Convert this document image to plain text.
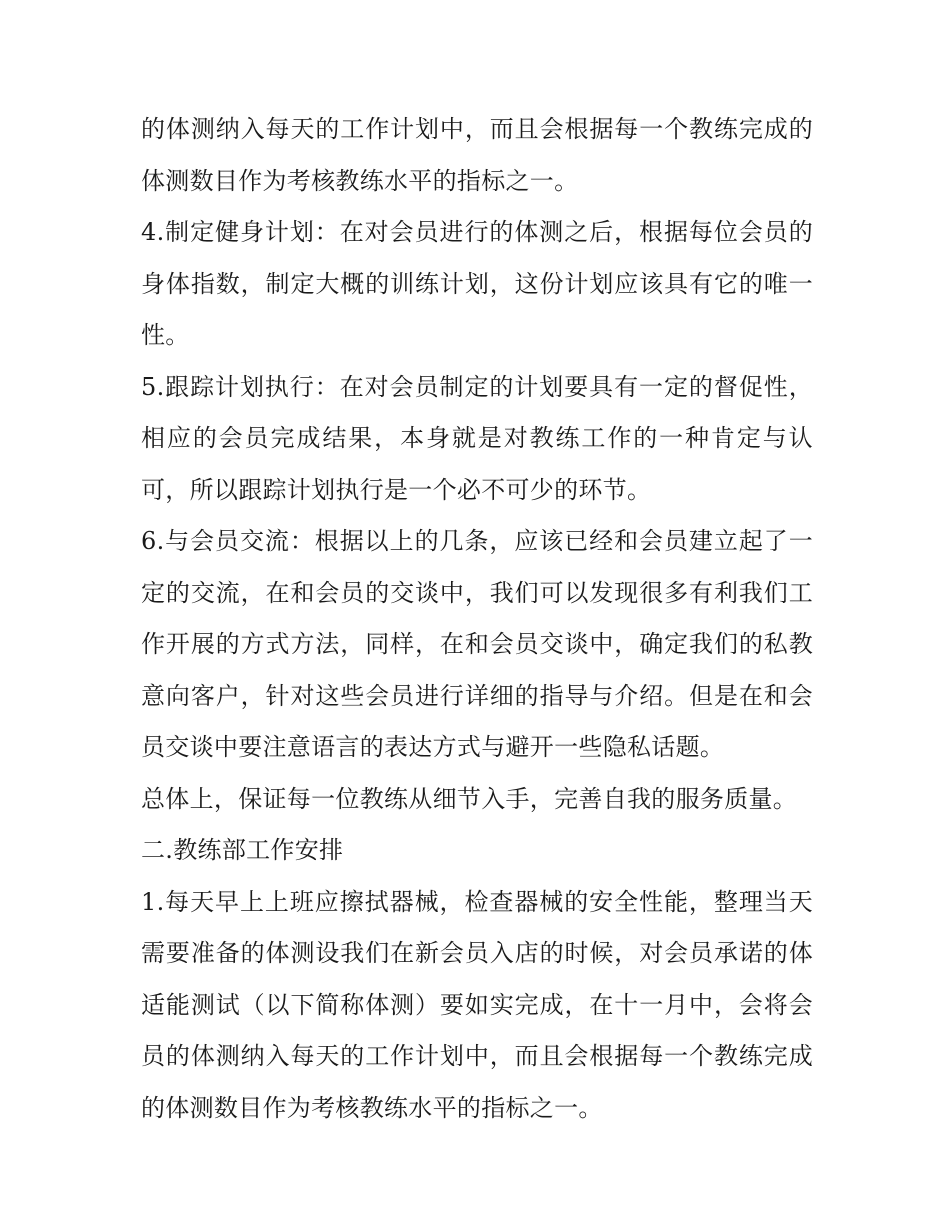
的体测纳入每天的工作计划中，而且会根据每一个教练完成的体测数目作为考核教练水平的指标之一。

4.制定健身计划：在对会员进行的体测之后，根据每位会员的身体指数，制定大概的训练计划，这份计划应该具有它的唯一性。

5.跟踪计划执行：在对会员制定的计划要具有一定的督促性，相应的会员完成结果，本身就是对教练工作的一种肯定与认可，所以跟踪计划执行是一个必不可少的环节。

6.与会员交流：根据以上的几条，应该已经和会员建立起了一定的交流，在和会员的交谈中，我们可以发现很多有利我们工作开展的方式方法，同样，在和会员交谈中，确定我们的私教意向客户，针对这些会员进行详细的指导与介绍。但是在和会员交谈中要注意语言的表达方式与避开一些隐私话题。

总体上，保证每一位教练从细节入手，完善自我的服务质量。

二.教练部工作安排

1.每天早上上班应擦拭器械，检查器械的安全性能，整理当天需要准备的体测设我们在新会员入店的时候，对会员承诺的体适能测试（以下简称体测）要如实完成，在十一月中，会将会员的体测纳入每天的工作计划中，而且会根据每一个教练完成的体测数目作为考核教练水平的指标之一。
